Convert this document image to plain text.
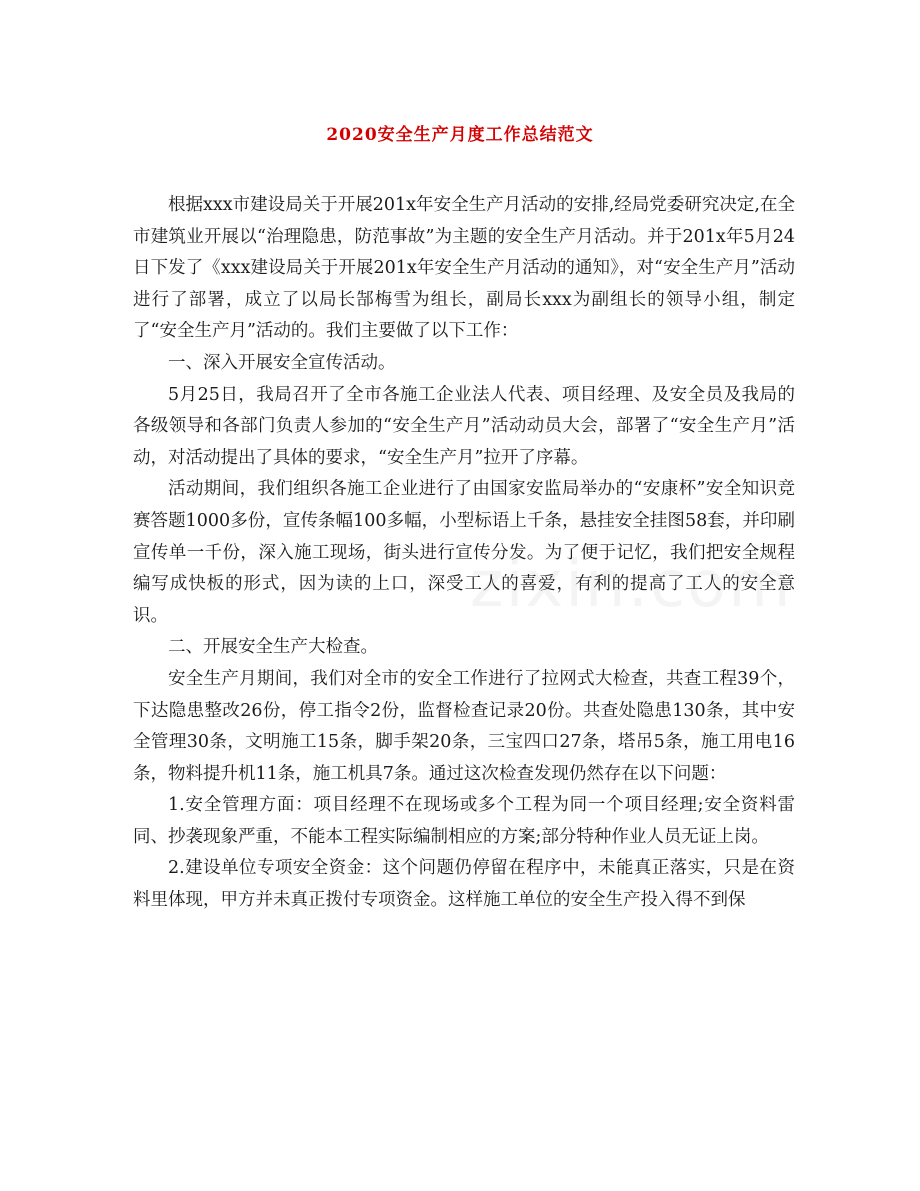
2020安全生产月度工作总结范文

根据xxx市建设局关于开展201x年安全生产月活动的安排,经局党委研究决定,在全市建筑业开展以“治理隐患，防范事故”为主题的安全生产月活动。并于201x年5月24日下发了《xxx建设局关于开展201x年安全生产月活动的通知》，对“安全生产月”活动进行了部署，成立了以局长郜梅雪为组长，副局长xxx为副组长的领导小组，制定了“安全生产月”活动的。我们主要做了以下工作：

一、深入开展安全宣传活动。

5月25日，我局召开了全市各施工企业法人代表、项目经理、及安全员及我局的各级领导和各部门负责人参加的“安全生产月”活动动员大会，部署了“安全生产月”活动，对活动提出了具体的要求，“安全生产月”拉开了序幕。

活动期间，我们组织各施工企业进行了由国家安监局举办的“安康杯”安全知识竞赛答题1000多份，宣传条幅100多幅，小型标语上千条，悬挂安全挂图58套，并印刷宣传单一千份，深入施工现场，街头进行宣传分发。为了便于记忆，我们把安全规程编写成快板的形式，因为读的上口，深受工人的喜爱，有利的提高了工人的安全意识。

二、开展安全生产大检查。

安全生产月期间，我们对全市的安全工作进行了拉网式大检查，共查工程39个，下达隐患整改26份，停工指令2份，监督检查记录20份。共查处隐患130条，其中安全管理30条，文明施工15条，脚手架20条，三宝四口27条，塔吊5条，施工用电16条，物料提升机11条，施工机具7条。通过这次检查发现仍然存在以下问题：

1.安全管理方面：项目经理不在现场或多个工程为同一个项目经理;安全资料雷同、抄袭现象严重，不能本工程实际编制相应的方案;部分特种作业人员无证上岗。

2.建设单位专项安全资金：这个问题仍停留在程序中，未能真正落实，只是在资料里体现，甲方并未真正拨付专项资金。这样施工单位的安全生产投入得不到保
